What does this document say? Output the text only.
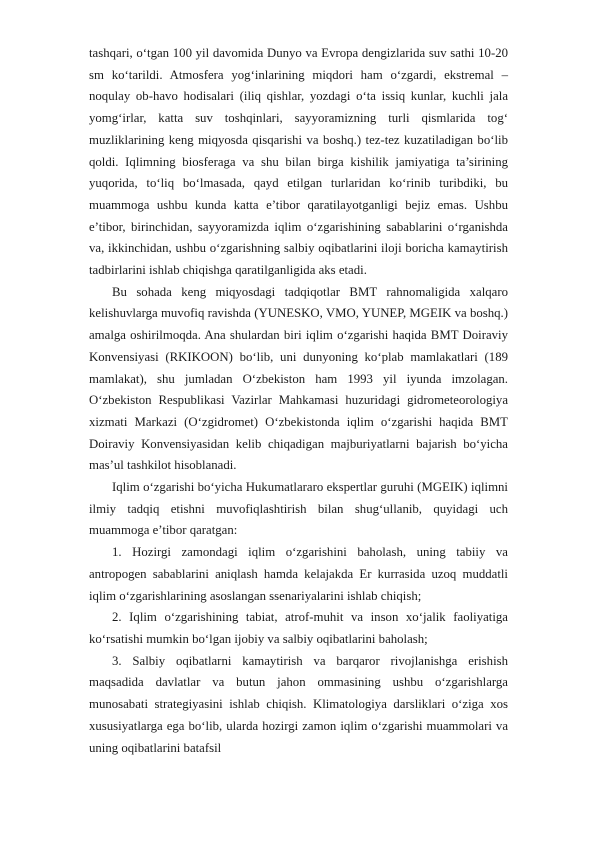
tashqari, o‘tgan 100 yil davomida Dunyo va Evropa dengizlarida suv sathi 10-20 sm ko‘tarildi. Atmosfera yog‘inlarining miqdori ham o‘zgardi, ekstremal – noqulay ob-havo hodisalari (iliq qishlar, yozdagi o‘ta issiq kunlar, kuchli jala yomg‘irlar, katta suv toshqinlari, sayyoramizning turli qismlarida tog‘ muzliklarining keng miqyosda qisqarishi va boshq.) tez-tez kuzatiladigan bo‘lib qoldi. Iqlimning biosferaga va shu bilan birga kishilik jamiyatiga ta’sirining yuqorida, to‘liq bo‘lmasada, qayd etilgan turlaridan ko‘rinib turibdiki, bu muammoga ushbu kunda katta e’tibor qaratilayotganligi bejiz emas. Ushbu e’tibor, birinchidan, sayyoramizda iqlim o‘zgarishining sabablarini o‘rganishda va, ikkinchidan, ushbu o‘zgarishning salbiy oqibatlarini iloji boricha kamaytirish tadbirlarini ishlab chiqishga qaratilganligida aks etadi.

Bu sohada keng miqyosdagi tadqiqotlar BMT rahnomaligida xalqaro kelishuvlarga muvofiq ravishda (YUNESKO, VMO, YUNEP, MGEIK va boshq.) amalga oshirilmoqda. Ana shulardan biri iqlim o‘zgarishi haqida BMT Doiraviy Konvensiyasi (RKIKOON) bo‘lib, uni dunyoning ko‘plab mamlakatlari (189 mamlakat), shu jumladan O‘zbekiston ham 1993 yil iyunda imzolagan. O‘zbekiston Respublikasi Vazirlar Mahkamasi huzuridagi gidrometeorologiya xizmati Markazi (O‘zgidromet) O‘zbekistonda iqlim o‘zgarishi haqida BMT Doiraviy Konvensiyasidan kelib chiqadigan majburiyatlarni bajarish bo‘yicha mas’ul tashkilot hisoblanadi.

Iqlim o‘zgarishi bo‘yicha Hukumatlararo ekspertlar guruhi (MGEIK) iqlimni ilmiy tadqiq etishni muvofiqlashtirish bilan shug‘ullanib, quyidagi uch muammoga e’tibor qaratgan:

1. Hozirgi zamondagi iqlim o‘zgarishini baholash, uning tabiiy va antropogen sabablarini aniqlash hamda kelajakda Er kurrasida uzoq muddatli iqlim o‘zgarishlarining asoslangan ssenariyalarini ishlab chiqish;

2. Iqlim o‘zgarishining tabiat, atrof-muhit va inson xo‘jalik faoliyatiga ko‘rsatishi mumkin bo‘lgan ijobiy va salbiy oqibatlarini baholash;

3. Salbiy oqibatlarni kamaytirish va barqaror rivojlanishga erishish maqsadida davlatlar va butun jahon ommasining ushbu o‘zgarishlarga munosabati strategiyasini ishlab chiqish. Klimatologiya darsliklari o‘ziga xos xususiyatlarga ega bo‘lib, ularda hozirgi zamon iqlim o‘zgarishi muammolari va uning oqibatlarini batafsil
